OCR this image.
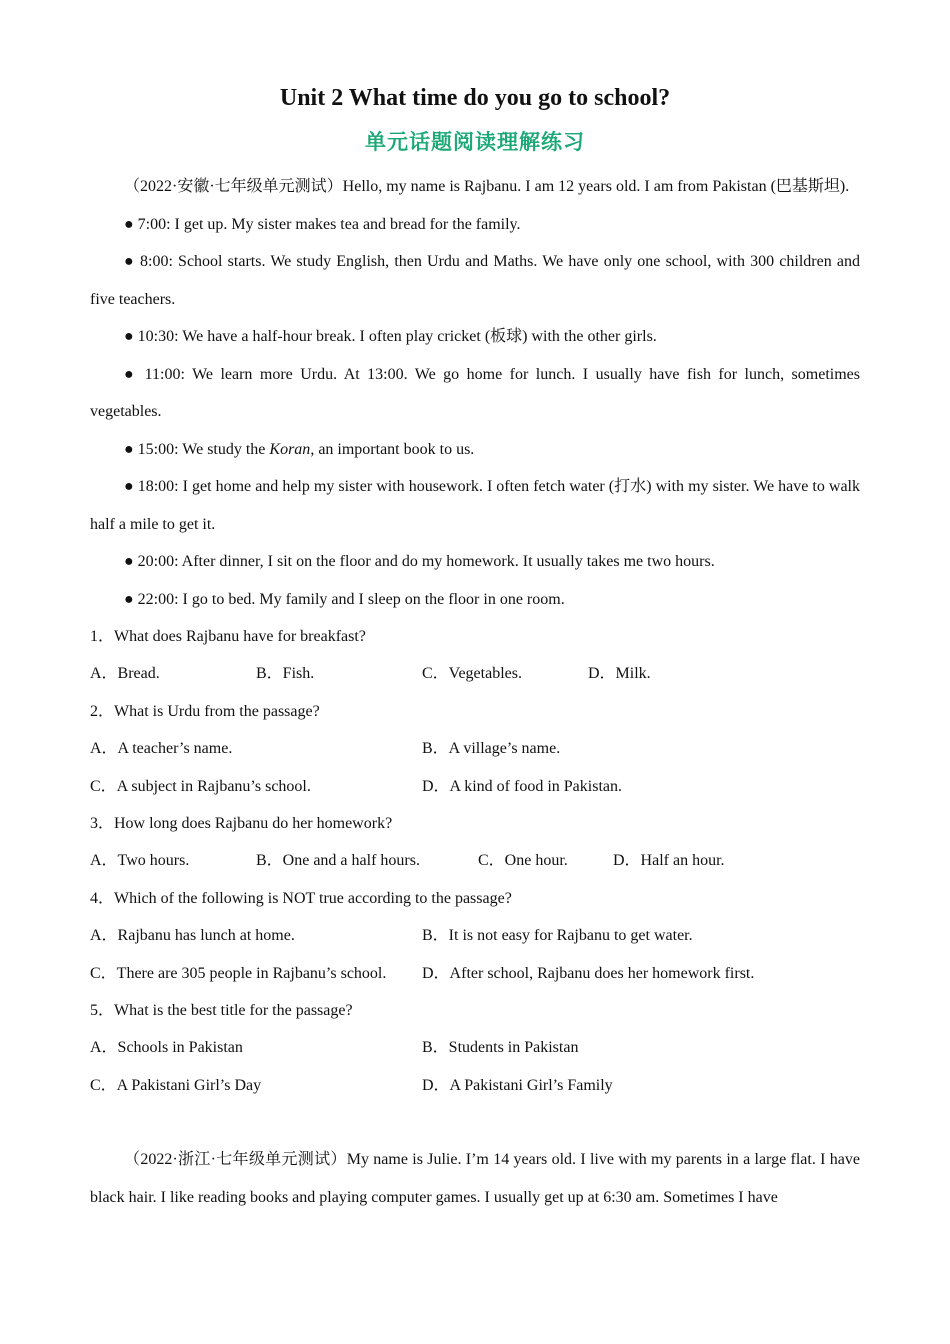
Unit 2 What time do you go to school?
单元话题阅读理解练习

（2022·安徽·七年级单元测试）Hello, my name is Rajbanu. I am 12 years old. I am from Pakistan (巴基斯坦).

● 7:00: I get up. My sister makes tea and bread for the family.

● 8:00: School starts. We study English, then Urdu and Maths. We have only one school, with 300 children and five teachers.

● 10:30: We have a half-hour break. I often play cricket (板球) with the other girls.

● 11:00: We learn more Urdu. At 13:00. We go home for lunch. I usually have fish for lunch, sometimes vegetables.

● 15:00: We study the Koran, an important book to us.

● 18:00: I get home and help my sister with housework. I often fetch water (打水) with my sister. We have to walk half a mile to get it.

● 20:00: After dinner, I sit on the floor and do my homework. It usually takes me two hours.

● 22:00: I go to bed. My family and I sleep on the floor in one room.

1．What does Rajbanu have for breakfast?

A．Bread.	B．Fish.	C．Vegetables.	D．Milk.

2．What is Urdu from the passage?

A．A teacher’s name.	B．A village’s name.
C．A subject in Rajbanu’s school.	D．A kind of food in Pakistan.

3．How long does Rajbanu do her homework?

A．Two hours.	B．One and a half hours.	C．One hour.	D．Half an hour.

4．Which of the following is NOT true according to the passage?

A．Rajbanu has lunch at home.	B．It is not easy for Rajbanu to get water.
C．There are 305 people in Rajbanu’s school.	D．After school, Rajbanu does her homework first.

5．What is the best title for the passage?

A．Schools in Pakistan	B．Students in Pakistan
C．A Pakistani Girl’s Day	D．A Pakistani Girl’s Family

（2022·浙江·七年级单元测试）My name is Julie. I’m 14 years old. I live with my parents in a large flat. I have black hair. I like reading books and playing computer games. I usually get up at 6:30 am. Sometimes I have
